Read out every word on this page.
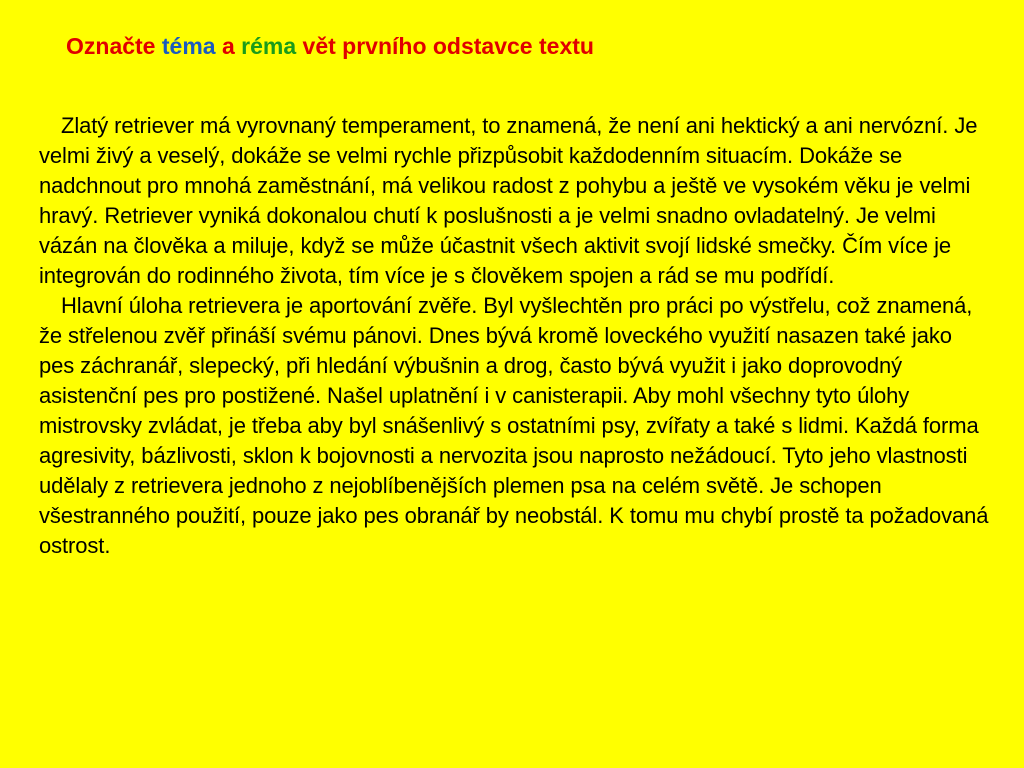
Označte téma a réma vět prvního odstavce textu

Zlatý retriever má vyrovnaný temperament, to znamená, že není ani hektický a ani nervózní. Je velmi živý a veselý, dokáže se velmi rychle přizpůsobit každodenním situacím. Dokáže se nadchnout pro mnohá zaměstnání, má velikou radost z pohybu a ještě ve vysokém věku je velmi hravý. Retriever vyniká dokonalou chutí k poslušnosti a je velmi snadno ovladatelný. Je velmi vázán na člověka a miluje, když se může účastnit všech aktivit svojí lidské smečky. Čím více je integrován do rodinného života, tím více je s člověkem spojen a rád se mu podřídí.

Hlavní úloha retrievera je aportování zvěře. Byl vyšlechtěn pro práci po výstřelu, což znamená, že střelenou zvěř přináší svému pánovi. Dnes bývá kromě loveckého využití nasazen také jako pes záchranář, slepecký, při hledání výbušnin a drog, často bývá využit i jako doprovodný asistenční pes pro postižené. Našel uplatnění i v canisterapii. Aby mohl všechny tyto úlohy mistrovsky zvládat, je třeba aby byl snášenlivý s ostatními psy, zvířaty a také s lidmi. Každá forma agresivity, bázlivosti, sklon k bojovnosti a nervozita jsou naprosto nežádoucí. Tyto jeho vlastnosti udělaly z retrievera jednoho z nejoblíbenějších plemen psa na celém světě. Je schopen všestranného použití, pouze jako pes obranář by neobstál. K tomu mu chybí prostě ta požadovaná ostrost.
